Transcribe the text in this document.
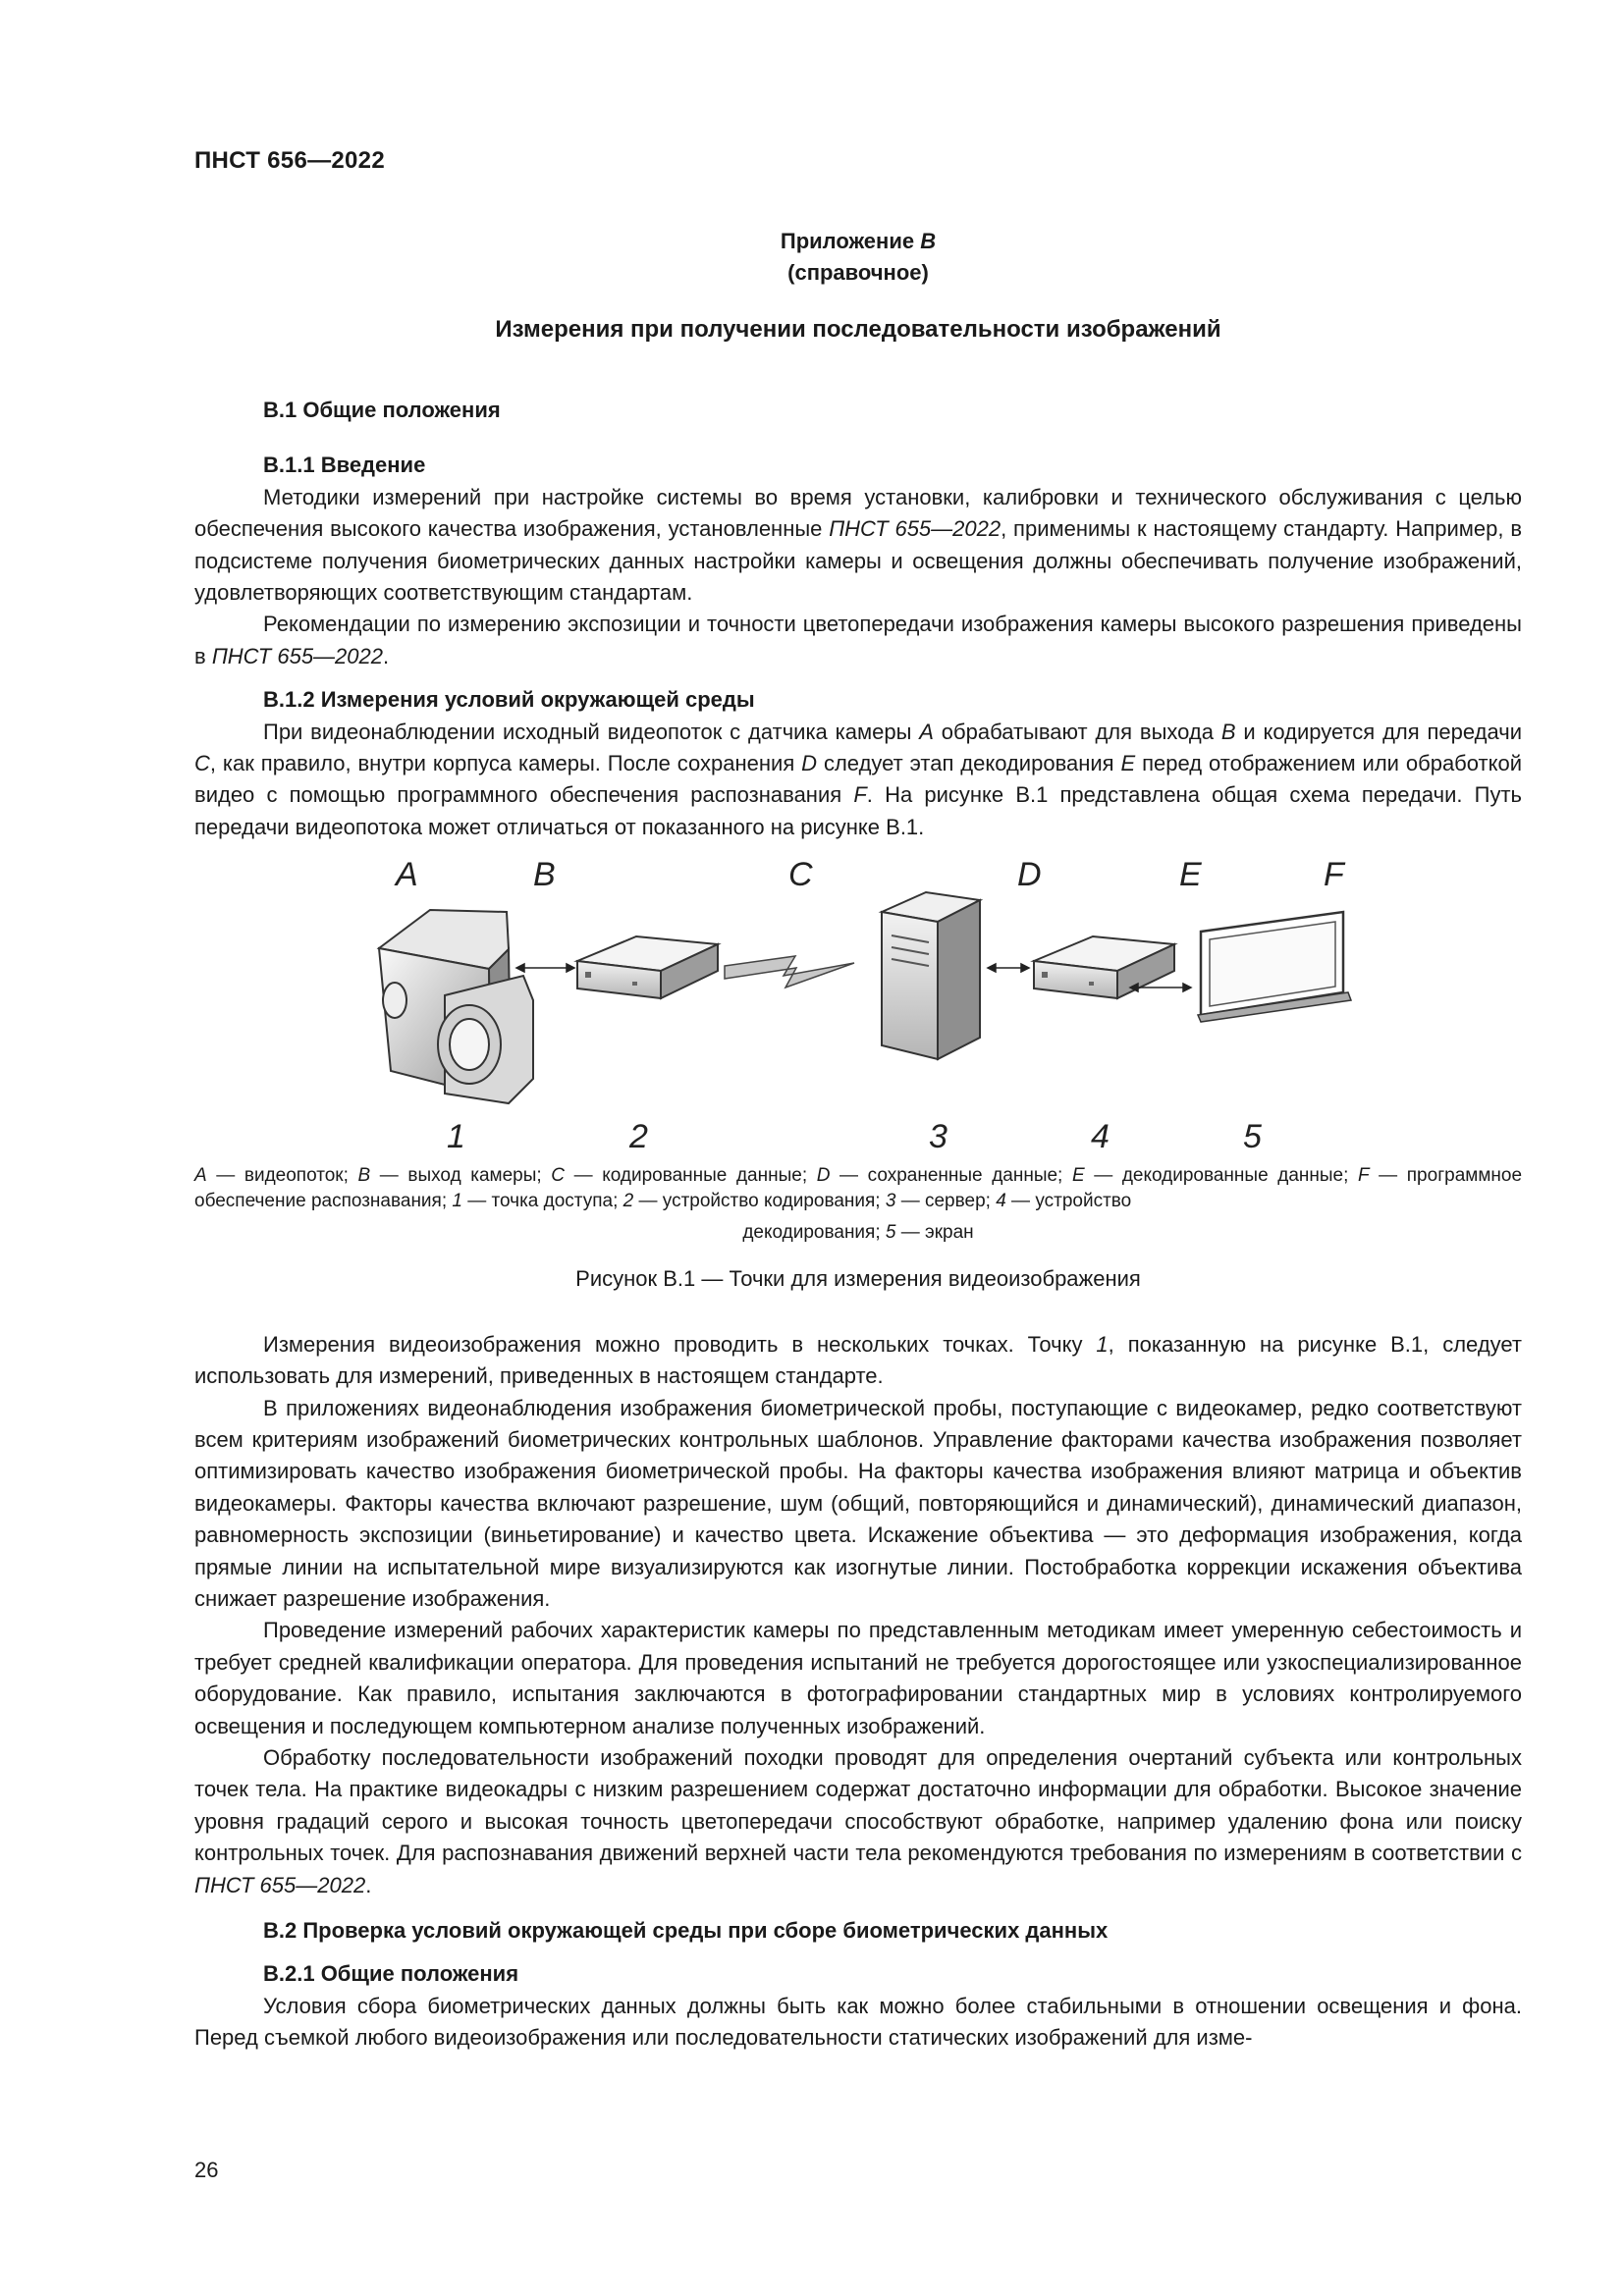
ПНСТ 656—2022
Приложение В
(справочное)
Измерения при получении последовательности изображений
В.1 Общие положения
В.1.1 Введение

Методики измерений при настройке системы во время установки, калибровки и технического обслуживания с целью обеспечения высокого качества изображения, установленные ПНСТ 655—2022, применимы к настоящему стандарту. Например, в подсистеме получения биометрических данных настройки камеры и освещения должны обеспечивать получение изображений, удовлетворяющих соответствующим стандартам.

Рекомендации по измерению экспозиции и точности цветопередачи изображения камеры высокого разрешения приведены в ПНСТ 655—2022.

В.1.2 Измерения условий окружающей среды

При видеонаблюдении исходный видеопоток с датчика камеры A обрабатывают для выхода B и кодируется для передачи C, как правило, внутри корпуса камеры. После сохранения D следует этап декодирования E перед отображением или обработкой видео с помощью программного обеспечения распознавания F. На рисунке В.1 представлена общая схема передачи. Путь передачи видеопотока может отличаться от показанного на рисунке В.1.

A	B	C	D	E	F
1	2	3	4	5
A — видеопоток; B — выход камеры; C — кодированные данные; D — сохраненные данные; E — декодированные данные; F — программное обеспечение распознавания; 1 — точка доступа; 2 — устройство кодирования; 3 — сервер; 4 — устройство
декодирования; 5 — экран
Рисунок В.1 — Точки для измерения видеоизображения

Измерения видеоизображения можно проводить в нескольких точках. Точку 1, показанную на рисунке В.1, следует использовать для измерений, приведенных в настоящем стандарте.

В приложениях видеонаблюдения изображения биометрической пробы, поступающие с видеокамер, редко соответствуют всем критериям изображений биометрических контрольных шаблонов. Управление факторами качества изображения позволяет оптимизировать качество изображения биометрической пробы. На факторы качества изображения влияют матрица и объектив видеокамеры. Факторы качества включают разрешение, шум (общий, повторяющийся и динамический), динамический диапазон, равномерность экспозиции (виньетирование) и качество цвета. Искажение объектива — это деформация изображения, когда прямые линии на испытательной мире визуализируются как изогнутые линии. Постобработка коррекции искажения объектива снижает разрешение изображения.

Проведение измерений рабочих характеристик камеры по представленным методикам имеет умеренную себестоимость и требует средней квалификации оператора. Для проведения испытаний не требуется дорогостоящее или узкоспециализированное оборудование. Как правило, испытания заключаются в фотографировании стандартных мир в условиях контролируемого освещения и последующем компьютерном анализе полученных изображений.

Обработку последовательности изображений походки проводят для определения очертаний субъекта или контрольных точек тела. На практике видеокадры с низким разрешением содержат достаточно информации для обработки. Высокое значение уровня градаций серого и высокая точность цветопередачи способствуют обработке, например удалению фона или поиску контрольных точек. Для распознавания движений верхней части тела рекомендуются требования по измерениям в соответствии с ПНСТ 655—2022.

В.2 Проверка условий окружающей среды при сборе биометрических данных
В.2.1 Общие положения

Условия сбора биометрических данных должны быть как можно более стабильными в отношении освещения и фона. Перед съемкой любого видеоизображения или последовательности статических изображений для изме-

26
